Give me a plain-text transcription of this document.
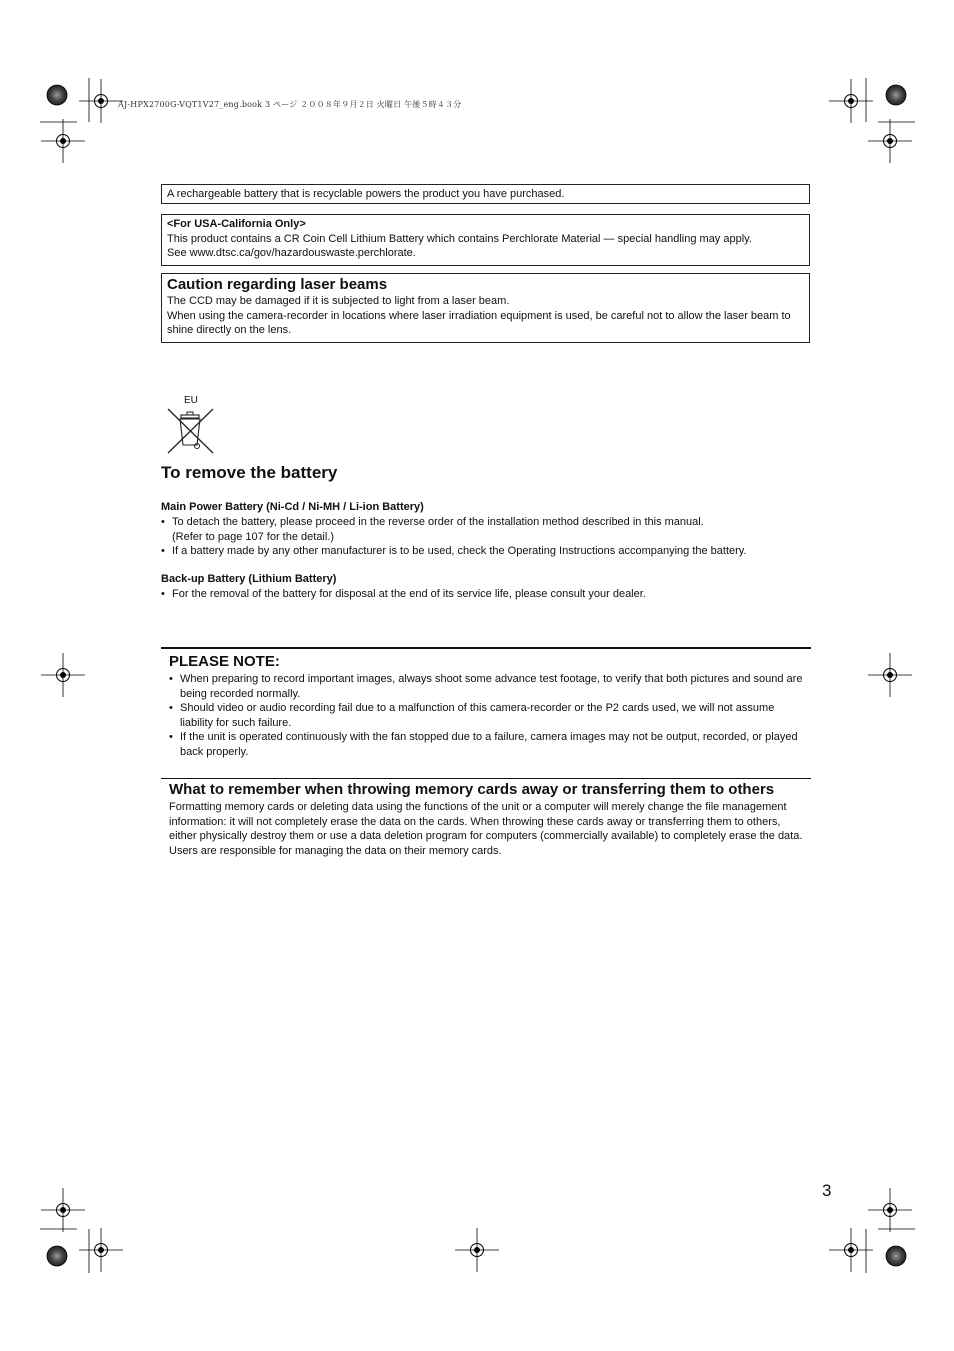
AJ-HPX2700G-VQT1V27_eng.book 3 ページ ２００８年９月２日 火曜日 午後５時４３分
A rechargeable battery that is recyclable powers the product you have purchased.
<For USA-California Only>
This product contains a CR Coin Cell Lithium Battery which contains Perchlorate Material — special handling may apply.
See www.dtsc.ca/gov/hazardouswaste.perchlorate.
Caution regarding laser beams
The CCD may be damaged if it is subjected to light from a laser beam.
When using the camera-recorder in locations where laser irradiation equipment is used, be careful not to allow the laser beam to shine directly on the lens.
EU
To remove the battery
Main Power Battery (Ni-Cd / Ni-MH / Li-ion Battery)
• To detach the battery, please proceed in the reverse order of the installation method described in this manual.
(Refer to page 107 for the detail.)
• If a battery made by any other manufacturer is to be used, check the Operating Instructions accompanying the battery.
Back-up Battery (Lithium Battery)
• For the removal of the battery for disposal at the end of its service life, please consult your dealer.
PLEASE NOTE:
• When preparing to record important images, always shoot some advance test footage, to verify that both pictures and sound are being recorded normally.
• Should video or audio recording fail due to a malfunction of this camera-recorder or the P2 cards used, we will not assume liability for such failure.
• If the unit is operated continuously with the fan stopped due to a failure, camera images may not be output, recorded, or played back properly.
What to remember when throwing memory cards away or transferring them to others

Formatting memory cards or deleting data using the functions of the unit or a computer will merely change the file management information: it will not completely erase the data on the cards. When throwing these cards away or transferring them to others, either physically destroy them or use a data deletion program for computers (commercially available) to completely erase the data. Users are responsible for managing the data on their memory cards.

3
